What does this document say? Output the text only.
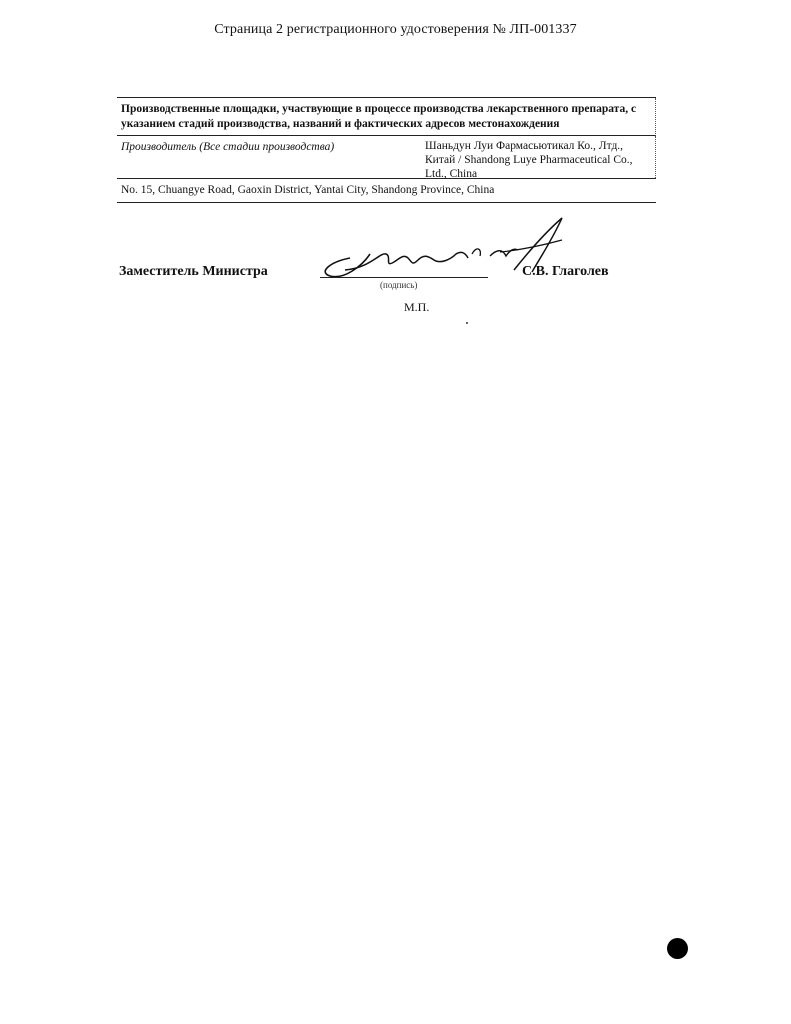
Страница 2 регистрационного удостоверения № ЛП-001337
Производственные площадки, участвующие в процессе производства лекарственного препарата, с указанием стадий производства, названий и фактических адресов местонахождения
Производитель (Все стадии производства)	Шаньдун Луи Фармасьютикал Ко., Лтд., Китай / Shandong Luye Pharmaceutical Co., Ltd., China
No. 15, Chuangye Road, Gaoxin District, Yantai City, Shandong Province, China
Заместитель Министра
(подпись)
С.В. Глаголев
М.П.
